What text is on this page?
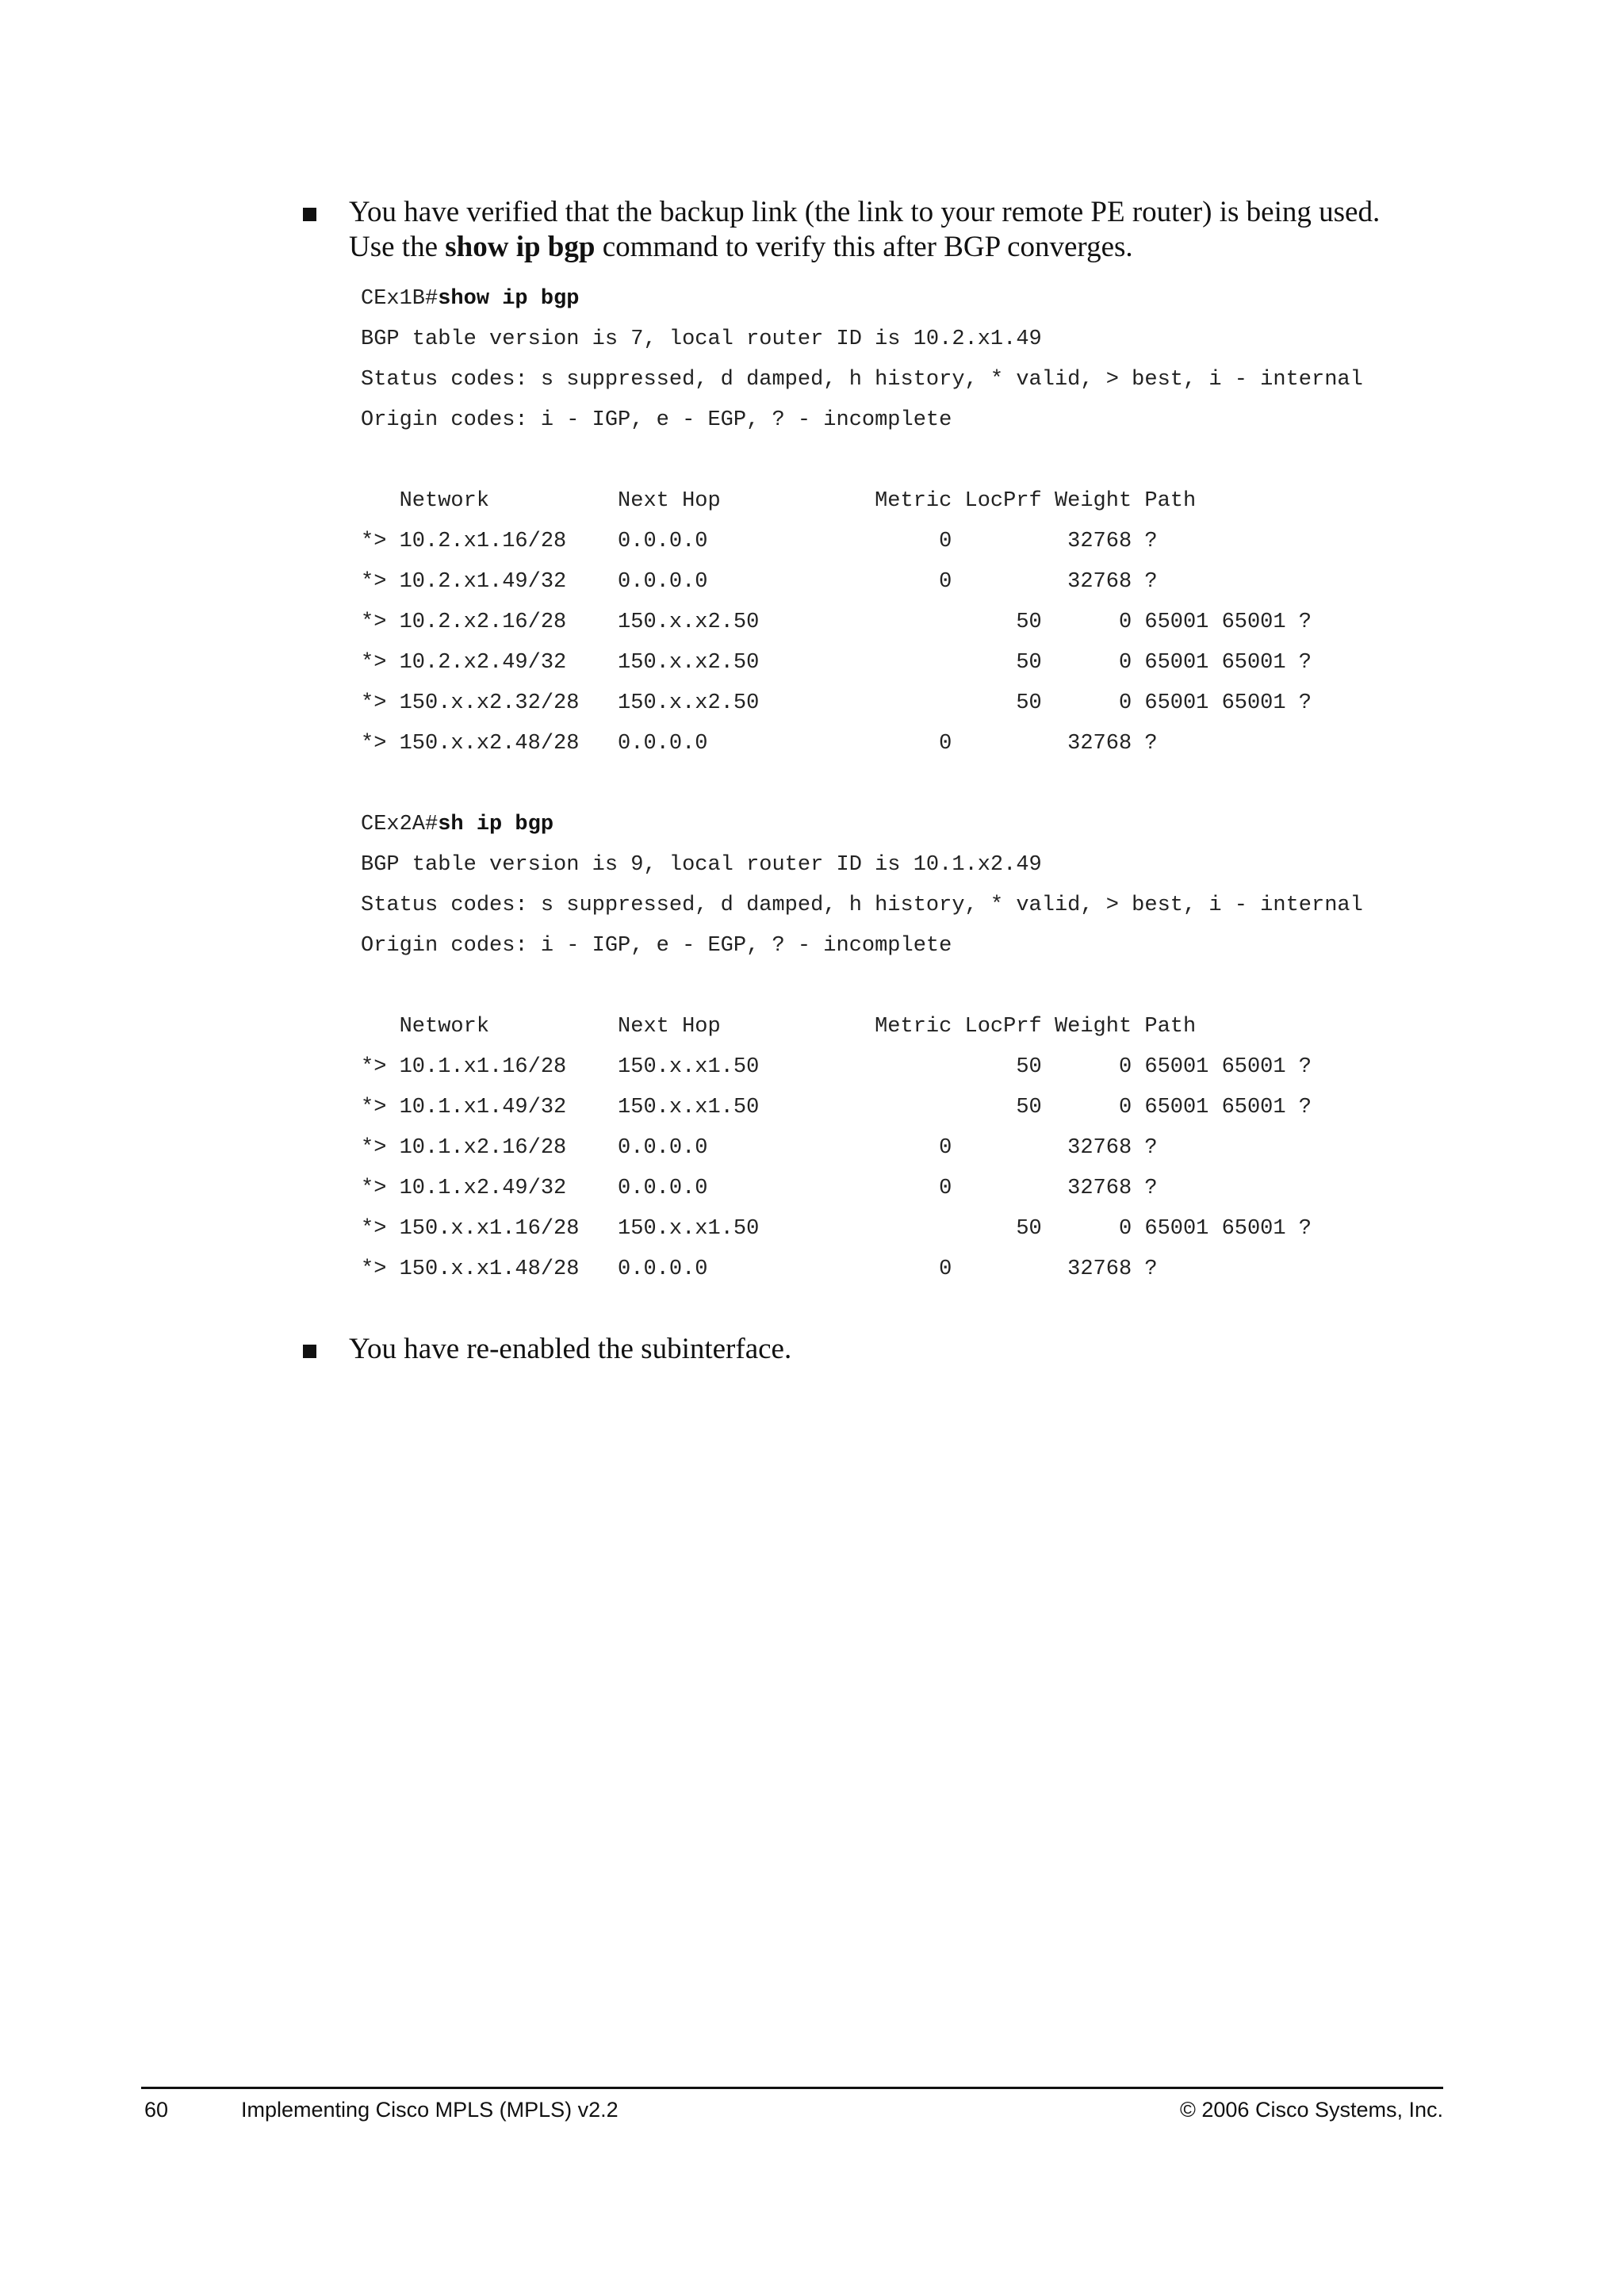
You have verified that the backup link (the link to your remote PE router) is being used.
Use the show ip bgp command to verify this after BGP converges.
CEx1B#show ip bgp
BGP table version is 7, local router ID is 10.2.x1.49
Status codes: s suppressed, d damped, h history, * valid, > best, i - internal
Origin codes: i - IGP, e - EGP, ? - incomplete
Network          Next Hop            Metric LocPrf Weight Path
*> 10.2.x1.16/28    0.0.0.0                  0         32768 ?
*> 10.2.x1.49/32    0.0.0.0                  0         32768 ?
*> 10.2.x2.16/28    150.x.x2.50                    50      0 65001 65001 ?
*> 10.2.x2.49/32    150.x.x2.50                    50      0 65001 65001 ?
*> 150.x.x2.32/28   150.x.x2.50                    50      0 65001 65001 ?
*> 150.x.x2.48/28   0.0.0.0                  0         32768 ?
CEx2A#sh ip bgp
BGP table version is 9, local router ID is 10.1.x2.49
Status codes: s suppressed, d damped, h history, * valid, > best, i - internal
Origin codes: i - IGP, e - EGP, ? - incomplete
Network          Next Hop            Metric LocPrf Weight Path
*> 10.1.x1.16/28    150.x.x1.50                    50      0 65001 65001 ?
*> 10.1.x1.49/32    150.x.x1.50                    50      0 65001 65001 ?
*> 10.1.x2.16/28    0.0.0.0                  0         32768 ?
*> 10.1.x2.49/32    0.0.0.0                  0         32768 ?
*> 150.x.x1.16/28   150.x.x1.50                    50      0 65001 65001 ?
*> 150.x.x1.48/28   0.0.0.0                  0         32768 ?
You have re-enabled the subinterface.
60	Implementing Cisco MPLS (MPLS) v2.2	© 2006 Cisco Systems, Inc.
